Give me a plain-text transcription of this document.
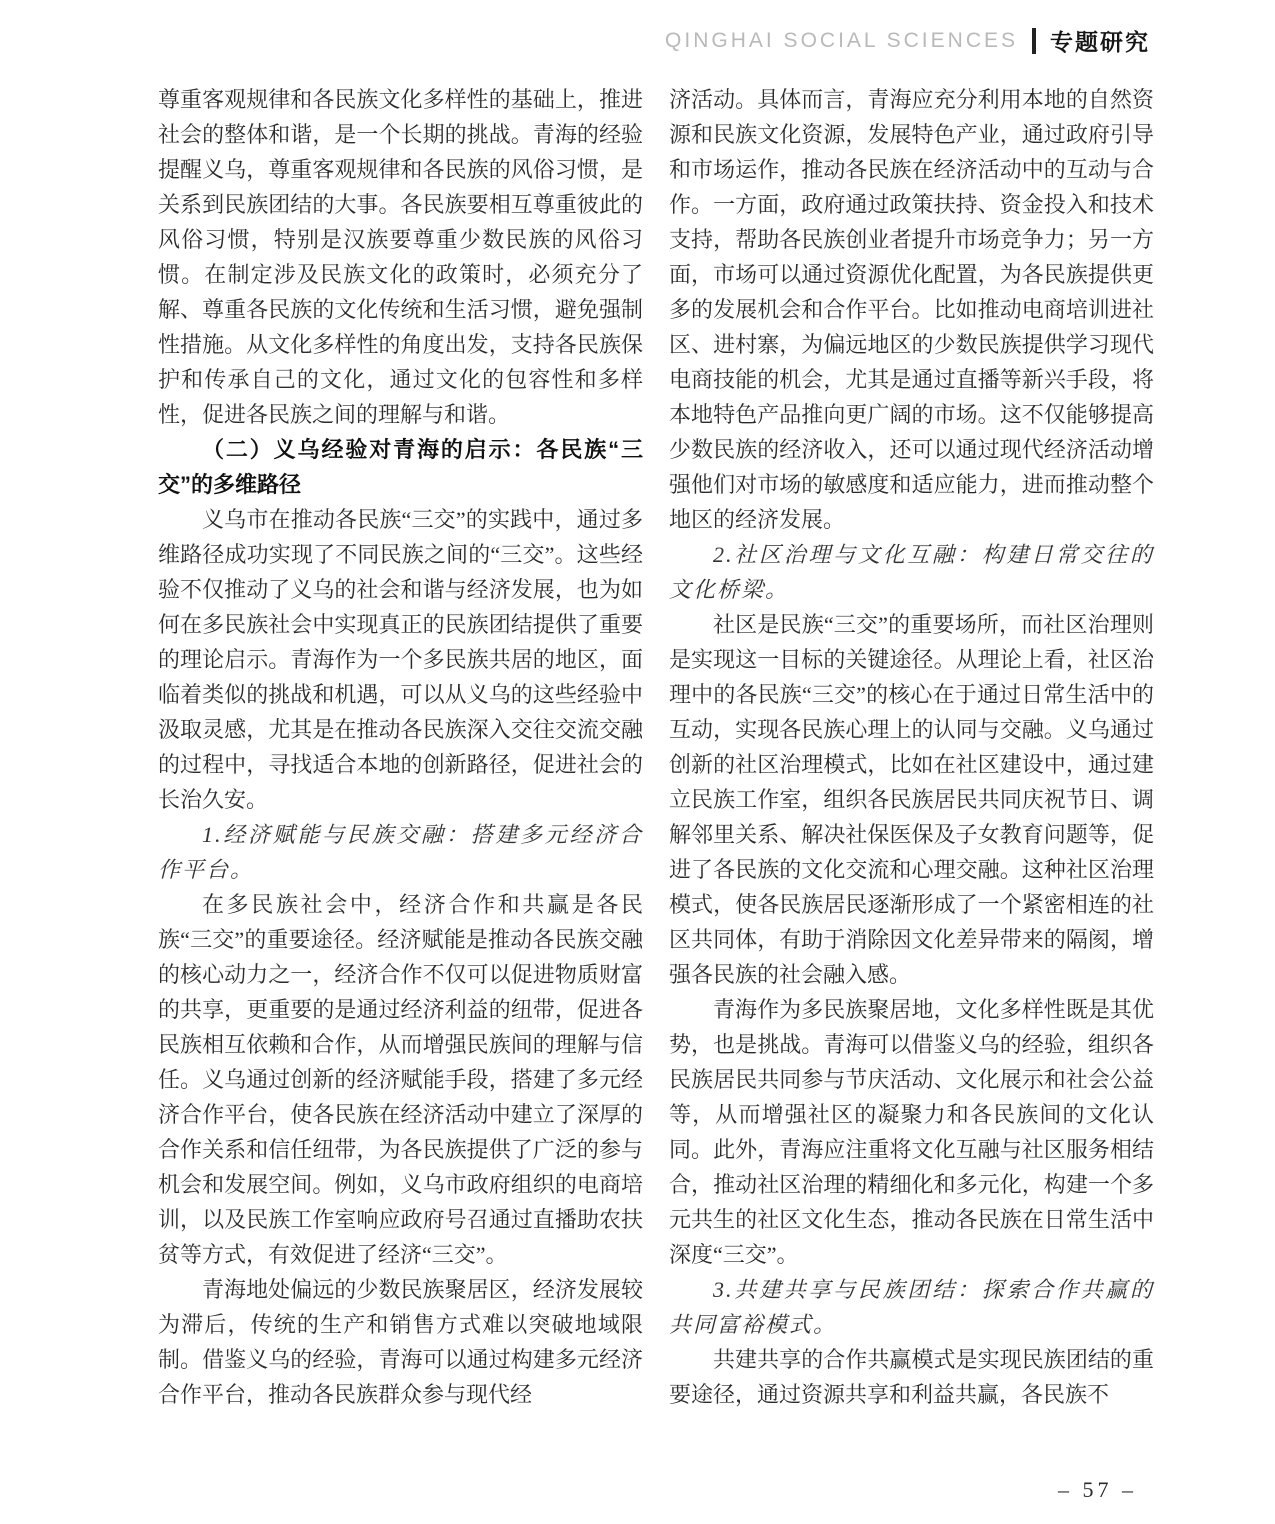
QINGHAI SOCIAL SCIENCES 专题研究

尊重客观规律和各民族文化多样性的基础上，推进社会的整体和谐，是一个长期的挑战。青海的经验提醒义乌，尊重客观规律和各民族的风俗习惯，是关系到民族团结的大事。各民族要相互尊重彼此的风俗习惯，特别是汉族要尊重少数民族的风俗习惯。在制定涉及民族文化的政策时，必须充分了解、尊重各民族的文化传统和生活习惯，避免强制性措施。从文化多样性的角度出发，支持各民族保护和传承自己的文化，通过文化的包容性和多样性，促进各民族之间的理解与和谐。

（二）义乌经验对青海的启示：各民族“三交”的多维路径

义乌市在推动各民族“三交”的实践中，通过多维路径成功实现了不同民族之间的“三交”。这些经验不仅推动了义乌的社会和谐与经济发展，也为如何在多民族社会中实现真正的民族团结提供了重要的理论启示。青海作为一个多民族共居的地区，面临着类似的挑战和机遇，可以从义乌的这些经验中汲取灵感，尤其是在推动各民族深入交往交流交融的过程中，寻找适合本地的创新路径，促进社会的长治久安。

1.经济赋能与民族交融：搭建多元经济合作平台。

在多民族社会中，经济合作和共赢是各民族“三交”的重要途径。经济赋能是推动各民族交融的核心动力之一，经济合作不仅可以促进物质财富的共享，更重要的是通过经济利益的纽带，促进各民族相互依赖和合作，从而增强民族间的理解与信任。义乌通过创新的经济赋能手段，搭建了多元经济合作平台，使各民族在经济活动中建立了深厚的合作关系和信任纽带，为各民族提供了广泛的参与机会和发展空间。例如，义乌市政府组织的电商培训，以及民族工作室响应政府号召通过直播助农扶贫等方式，有效促进了经济“三交”。

青海地处偏远的少数民族聚居区，经济发展较为滞后，传统的生产和销售方式难以突破地域限制。借鉴义乌的经验，青海可以通过构建多元经济合作平台，推动各民族群众参与现代经

济活动。具体而言，青海应充分利用本地的自然资源和民族文化资源，发展特色产业，通过政府引导和市场运作，推动各民族在经济活动中的互动与合作。一方面，政府通过政策扶持、资金投入和技术支持，帮助各民族创业者提升市场竞争力；另一方面，市场可以通过资源优化配置，为各民族提供更多的发展机会和合作平台。比如推动电商培训进社区、进村寨，为偏远地区的少数民族提供学习现代电商技能的机会，尤其是通过直播等新兴手段，将本地特色产品推向更广阔的市场。这不仅能够提高少数民族的经济收入，还可以通过现代经济活动增强他们对市场的敏感度和适应能力，进而推动整个地区的经济发展。

2.社区治理与文化互融：构建日常交往的文化桥梁。

社区是民族“三交”的重要场所，而社区治理则是实现这一目标的关键途径。从理论上看，社区治理中的各民族“三交”的核心在于通过日常生活中的互动，实现各民族心理上的认同与交融。义乌通过创新的社区治理模式，比如在社区建设中，通过建立民族工作室，组织各民族居民共同庆祝节日、调解邻里关系、解决社保医保及子女教育问题等，促进了各民族的文化交流和心理交融。这种社区治理模式，使各民族居民逐渐形成了一个紧密相连的社区共同体，有助于消除因文化差异带来的隔阂，增强各民族的社会融入感。

青海作为多民族聚居地，文化多样性既是其优势，也是挑战。青海可以借鉴义乌的经验，组织各民族居民共同参与节庆活动、文化展示和社会公益等，从而增强社区的凝聚力和各民族间的文化认同。此外，青海应注重将文化互融与社区服务相结合，推动社区治理的精细化和多元化，构建一个多元共生的社区文化生态，推动各民族在日常生活中深度“三交”。

3.共建共享与民族团结：探索合作共赢的共同富裕模式。

共建共享的合作共赢模式是实现民族团结的重要途径，通过资源共享和利益共赢，各民族不

– 57 –
